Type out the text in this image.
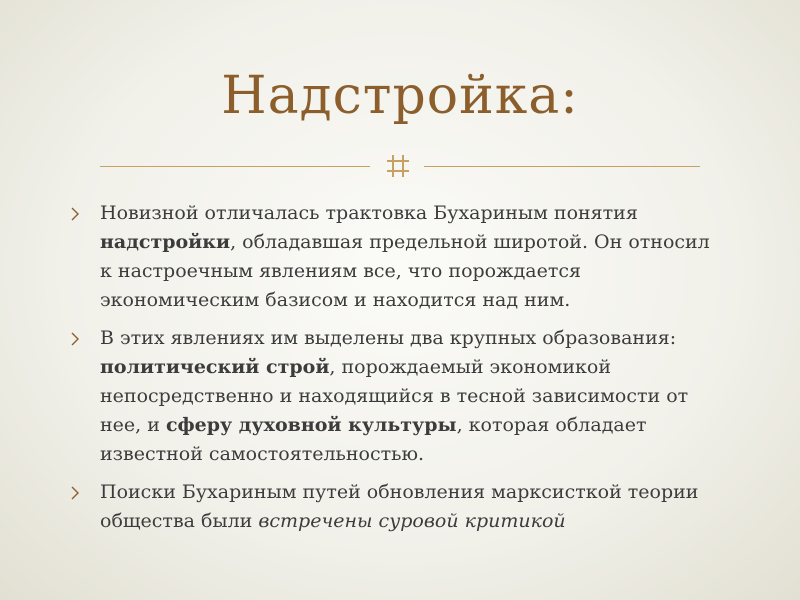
Надстройка:
Новизной отличалась трактовка Бухариным понятия надстройки, обладавшая предельной широтой. Он относил к настроечным явлениям все, что порождается экономическим базисом и находится над ним.
В этих явлениях им выделены два крупных образования: политический строй, порождаемый экономикой непосредственно и находящийся в тесной зависимости от нее, и сферу духовной культуры, которая обладает известной самостоятельностью.
Поиски Бухариным путей обновления марксисткой теории общества были встречены суровой критикой
